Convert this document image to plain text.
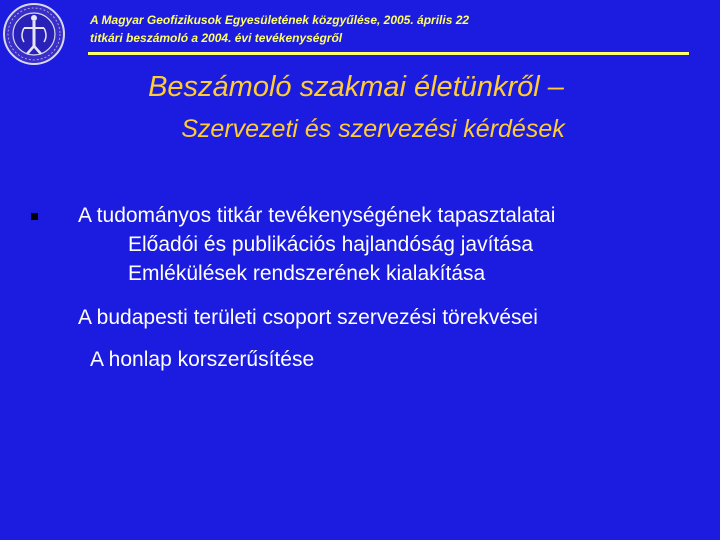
A Magyar Geofizikusok Egyesületének közgyűlése, 2005. április 22
titkári beszámoló a 2004. évi tevékenységről
Beszámoló szakmai életünkről –
Szervezeti és szervezési kérdések
A tudományos titkár tevékenységének tapasztalatai
Előadói és publikációs hajlandóság javítása
Emlékülések rendszerének kialakítása
A budapesti területi csoport szervezési törekvései
A honlap korszerűsítése
